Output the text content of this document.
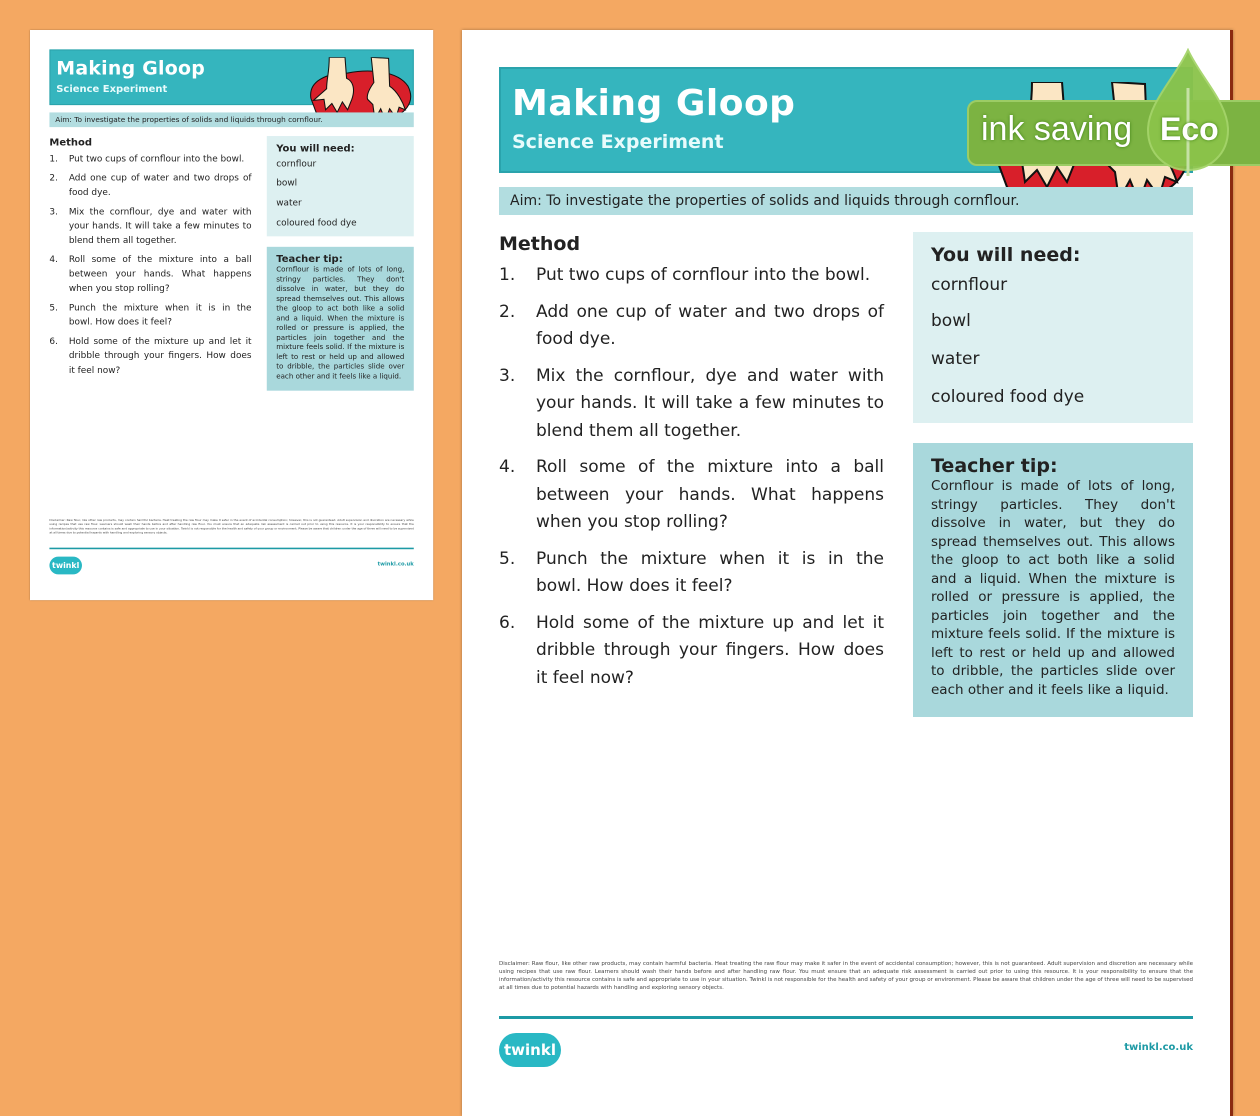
Making Gloop
Science Experiment
Aim: To investigate the properties of solids and liquids through cornflour.
Method
1. Put two cups of cornflour into the bowl.
2. Add one cup of water and two drops of food dye.
3. Mix the cornflour, dye and water with your hands. It will take a few minutes to blend them all together.
4. Roll some of the mixture into a ball between your hands. What happens when you stop rolling?
5. Punch the mixture when it is in the bowl. How does it feel?
6. Hold some of the mixture up and let it dribble through your fingers. How does it feel now?
You will need:
cornflour
bowl
water
coloured food dye
Teacher tip:

Cornflour is made of lots of long, stringy particles. They don't dissolve in water, but they do spread themselves out. This allows the gloop to act both like a solid and a liquid. When the mixture is rolled or pressure is applied, the particles join together and the mixture feels solid. If the mixture is left to rest or held up and allowed to dribble, the particles slide over each other and it feels like a liquid.

Disclaimer: Raw flour, like other raw products, may contain harmful bacteria. Heat treating the raw flour may make it safer in the event of accidental consumption; however, this is not guaranteed. Adult supervision and discretion are necessary while using recipes that use raw flour. Learners should wash their hands before and after handling raw flour. You must ensure that an adequate risk assessment is carried out prior to using this resource. It is your responsibility to ensure that the information/activity this resource contains is safe and appropriate to use in your situation. Twinkl is not responsible for the health and safety of your group or environment. Please be aware that children under the age of three will need to be supervised at all times due to potential hazards with handling and exploring sensory objects.
twinkl	twinkl.co.uk
Making Gloop
Science Experiment
Aim: To investigate the properties of solids and liquids through cornflour.
Method
1.	Put two cups of cornflour into the bowl.
2.	Add one cup of water and two drops of food dye.
3.	Mix the cornflour, dye and water with your hands. It will take a few minutes to blend them all together.
4.	Roll some of the mixture into a ball between your hands. What happens when you stop rolling?
5.	Punch the mixture when it is in the bowl. How does it feel?
6.	Hold some of the mixture up and let it dribble through your fingers. How does it feel now?
You will need:
cornflour
bowl
water
coloured food dye
Teacher tip:

Cornflour is made of lots of long, stringy particles. They don't dissolve in water, but they do spread themselves out. This allows the gloop to act both like a solid and a liquid. When the mixture is rolled or pressure is applied, the particles join together and the mixture feels solid. If the mixture is left to rest or held up and allowed to dribble, the particles slide over each other and it feels like a liquid.

Disclaimer: Raw flour, like other raw products, may contain harmful bacteria. Heat treating the raw flour may make it safer in the event of accidental consumption; however, this is not guaranteed. Adult supervision and discretion are necessary while using recipes that use raw flour. Learners should wash their hands before and after handling raw flour. You must ensure that an adequate risk assessment is carried out prior to using this resource. It is your responsibility to ensure that the information/activity this resource contains is safe and appropriate to use in your situation. Twinkl is not responsible for the health and safety of your group or environment. Please be aware that children under the age of three will need to be supervised at all times due to potential hazards with handling and exploring sensory objects.
twinkl	twinkl.co.uk
ink saving Eco
